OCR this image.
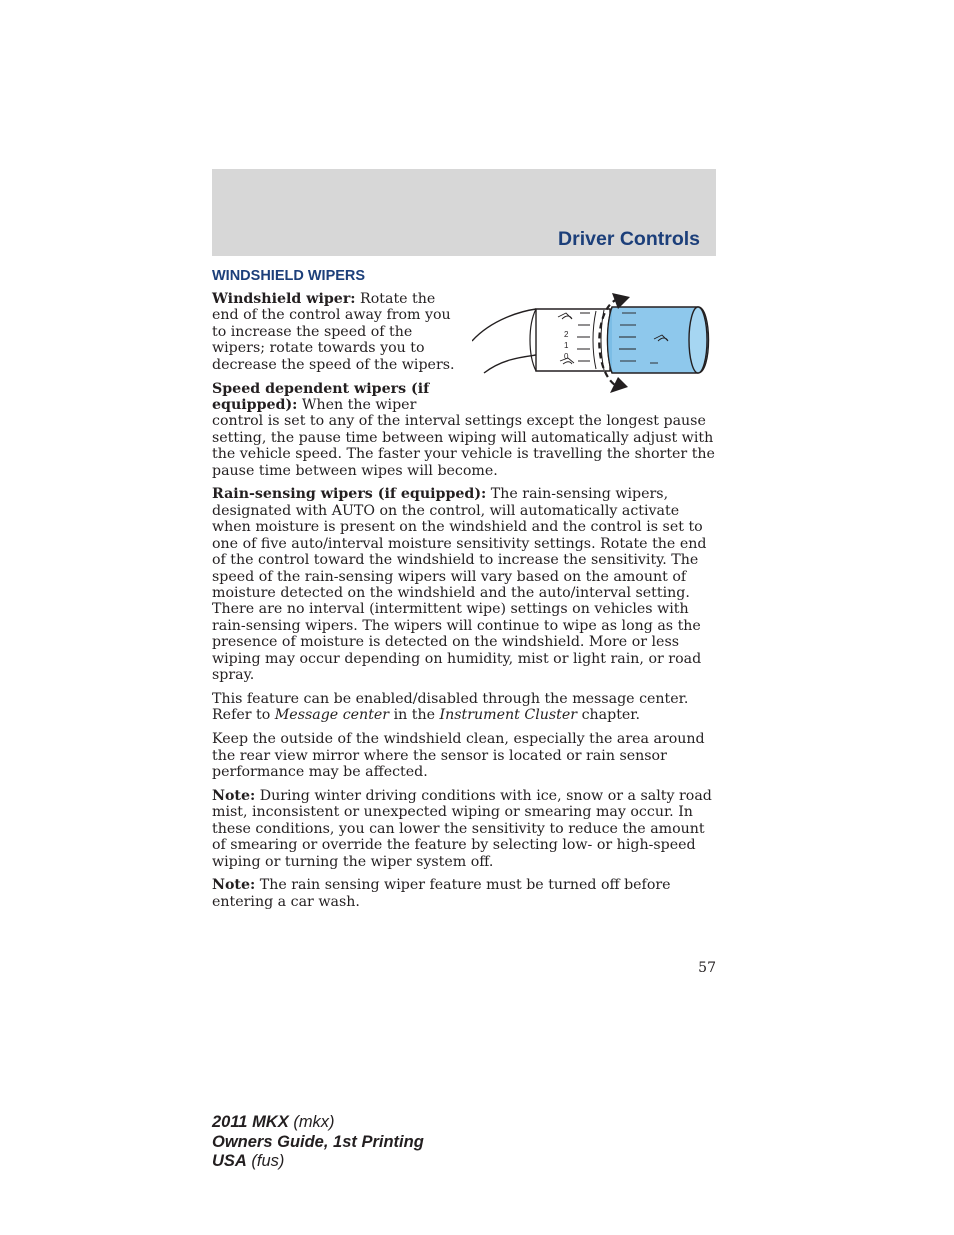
Driver Controls
WINDSHIELD WIPERS
2
1
0

Windshield wiper: Rotate the end of the control away from you to increase the speed of the wipers; rotate towards you to decrease the speed of the wipers.

Speed dependent wipers (if equipped): When the wiper control is set to any of the interval settings except the longest pause setting, the pause time between wiping will automatically adjust with the vehicle speed. The faster your vehicle is travelling the shorter the pause time between wipes will become.

Rain-sensing wipers (if equipped): The rain-sensing wipers, designated with AUTO on the control, will automatically activate when moisture is present on the windshield and the control is set to one of five auto/interval moisture sensitivity settings. Rotate the end of the control toward the windshield to increase the sensitivity. The speed of the rain-sensing wipers will vary based on the amount of moisture detected on the windshield and the auto/interval setting. There are no interval (intermittent wipe) settings on vehicles with rain-sensing wipers. The wipers will continue to wipe as long as the presence of moisture is detected on the windshield. More or less wiping may occur depending on humidity, mist or light rain, or road spray.

This feature can be enabled/disabled through the message center. Refer to Message center in the Instrument Cluster chapter.

Keep the outside of the windshield clean, especially the area around the rear view mirror where the sensor is located or rain sensor performance may be affected.

Note: During winter driving conditions with ice, snow or a salty road mist, inconsistent or unexpected wiping or smearing may occur. In these conditions, you can lower the sensitivity to reduce the amount of smearing or override the feature by selecting low- or high-speed wiping or turning the wiper system off.

Note: The rain sensing wiper feature must be turned off before entering a car wash.

57
2011 MKX (mkx)
Owners Guide, 1st Printing
USA (fus)
